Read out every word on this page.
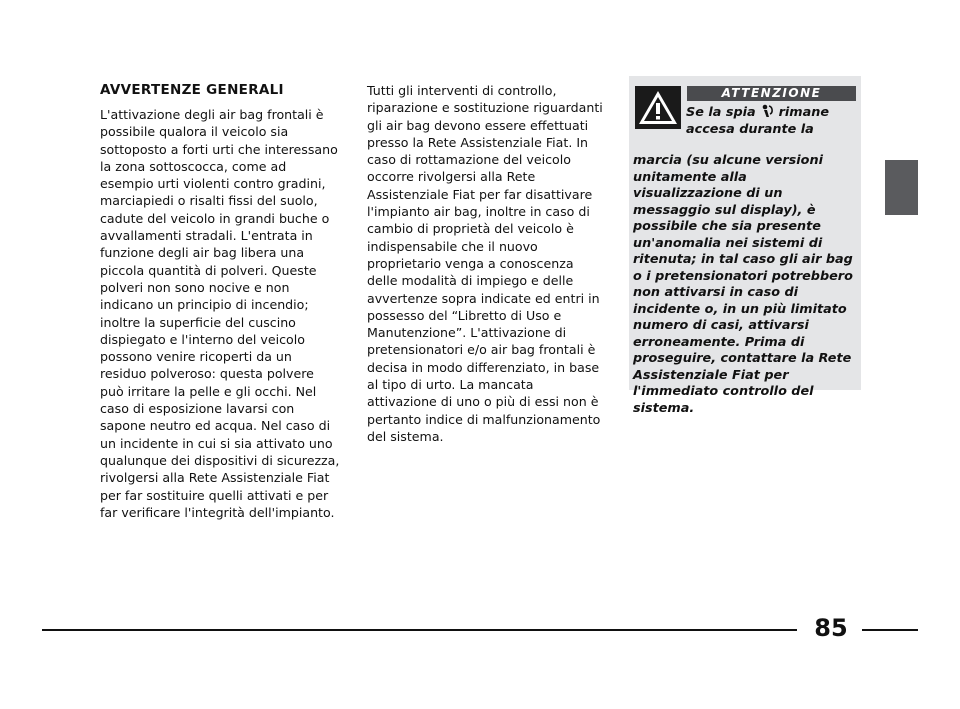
AVVERTENZE GENERALI

L'attivazione degli air bag frontali è possibile qualora il veicolo sia sottoposto a forti urti che interessano la zona sottoscocca, come ad esempio urti violenti contro gradini, marciapiedi o risalti fissi del suolo, cadute del veicolo in grandi buche o avvallamenti stradali. L'entrata in funzione degli air bag libera una piccola quantità di polveri. Queste polveri non sono nocive e non indicano un principio di incendio; inoltre la superficie del cuscino dispiegato e l'interno del veicolo possono venire ricoperti da un residuo polveroso: questa polvere può irritare la pelle e gli occhi. Nel caso di esposizione lavarsi con sapone neutro ed acqua. Nel caso di un incidente in cui si sia attivato uno qualunque dei dispositivi di sicurezza, rivolgersi alla Rete Assistenziale Fiat per far sostituire quelli attivati e per far verificare l'integrità dell'impianto.

Tutti gli interventi di controllo, riparazione e sostituzione riguardanti gli air bag devono essere effettuati presso la Rete Assistenziale Fiat. In caso di rottamazione del veicolo occorre rivolgersi alla Rete Assistenziale Fiat per far disattivare l'impianto air bag, inoltre in caso di cambio di proprietà del veicolo è indispensabile che il nuovo proprietario venga a conoscenza delle modalità di impiego e delle avvertenze sopra indicate ed entri in possesso del “Libretto di Uso e Manutenzione”. L'attivazione di pretensionatori e/o air bag frontali è decisa in modo differenziato, in base al tipo di urto. La mancata attivazione di uno o più di essi non è pertanto indice di malfunzionamento del sistema.

ATTENZIONE
Se la spia rimane accesa durante la
marcia (su alcune versioni unitamente alla visualizzazione di un messaggio sul display), è possibile che sia presente un'anomalia nei sistemi di ritenuta; in tal caso gli air bag o i pretensionatori potrebbero non attivarsi in caso di incidente o, in un più limitato numero di casi, attivarsi erroneamente. Prima di proseguire, contattare la Rete Assistenziale Fiat per l'immediato controllo del sistema.
85
